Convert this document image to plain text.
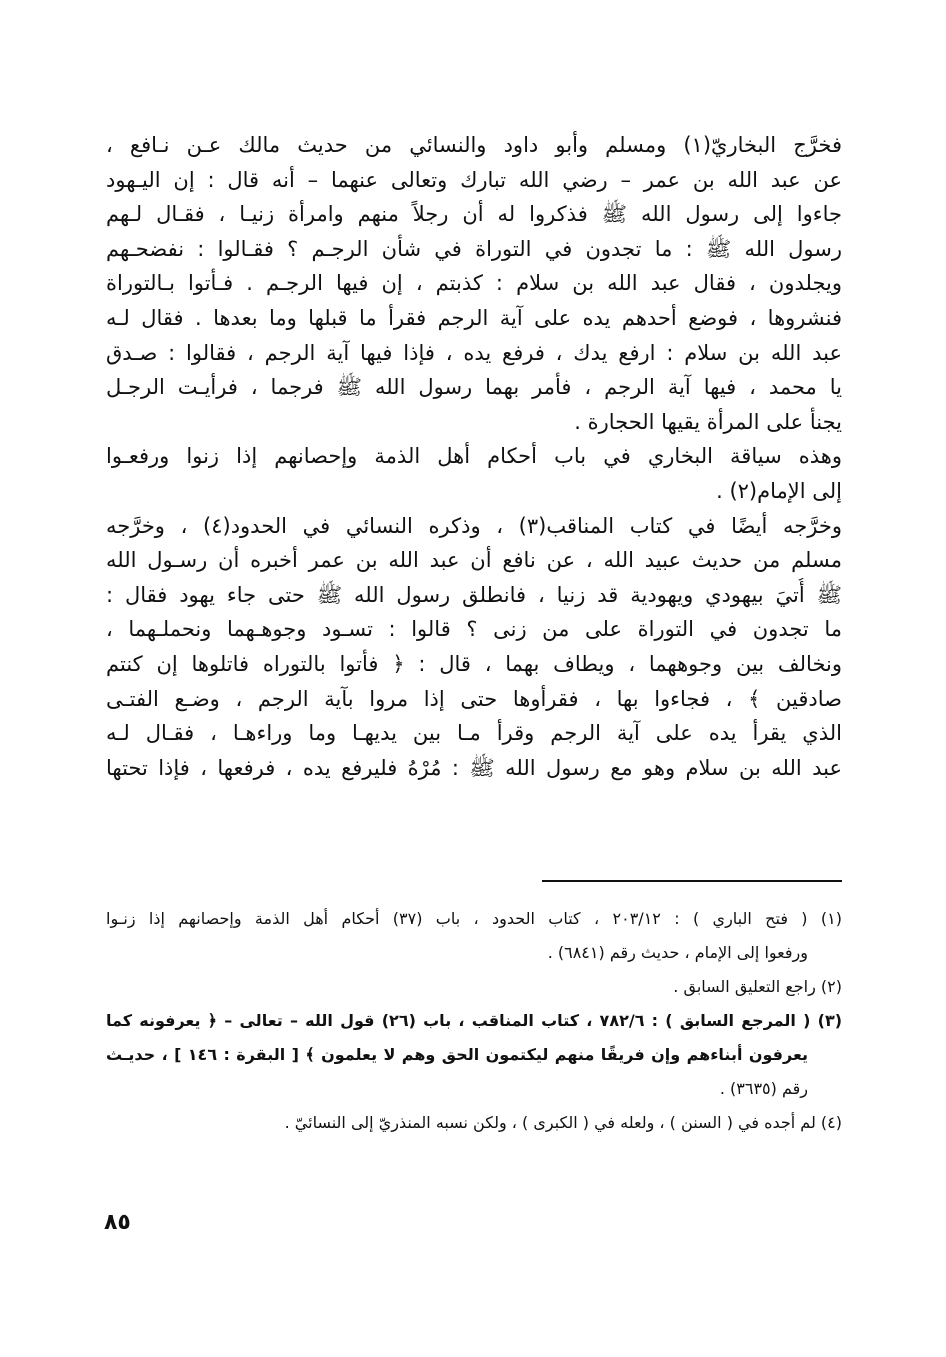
فخرَّج البخاريّ(١) ومسلم وأبو داود والنسائي من حديث مالك عـن نـافع ،
عن عبد الله بن عمر – رضي الله تبارك وتعالى عنهما – أنه قال : إن اليـهود
جاءوا إلى رسول الله ﷺ فذكروا له أن رجلاً منهم وامرأة زنيـا ، فقـال لـهم
رسول الله ﷺ : ما تجدون في التوراة في شأن الرجـم ؟ فقـالوا : نفضحـهم
ويجلدون ، فقال عبد الله بن سلام : كذبتم ، إن فيها الرجـم . فـأتوا بـالتوراة
فنشروها ، فوضع أحدهم يده على آية الرجم فقرأ ما قبلها وما بعدها . فقال لـه
عبد الله بن سلام : ارفع يدك ، فرفع يده ، فإذا فيها آية الرجم ، فقالوا : صـدق
يا محمد ، فيها آية الرجم ، فأمر بهما رسول الله ﷺ فرجما ، فرأيـت الرجـل
يجنأ على المرأة يقيها الحجارة .
وهذه سياقة البخاري في باب أحكام أهل الذمة وإحصانهم إذا زنوا ورفعـوا
إلى الإمام(٢) .
وخرَّجه أيضًا في كتاب المناقب(٣) ، وذكره النسائي في الحدود(٤) ، وخرَّجه
مسلم من حديث عبيد الله ، عن نافع أن عبد الله بن عمر أخبره أن رسـول الله
ﷺ أُتيَ بيهودي ويهودية قد زنيا ، فانطلق رسول الله ﷺ حتى جاء يهود فقال :
ما تجدون في التوراة على من زنى ؟ قالوا : تسـود وجوهـهما ونحملـهما ،
ونخالف بين وجوههما ، ويطاف بهما ، قال : ﴿ فأتوا بالتوراه فاتلوها إن كنتم
صادقين ﴾ ، فجاءوا بها ، فقرأوها حتى إذا مروا بآية الرجم ، وضـع الفتـى
الذي يقرأ يده على آية الرجم وقرأ مـا بين يديهـا وما وراءهـا ، فقـال لـه
عبد الله بن سلام وهو مع رسول الله ﷺ : مُرْهُ فليرفع يده ، فرفعها ، فإذا تحتها
(١) ( فتح الباري ) : ٢٠٣/١٢ ، كتاب الحدود ، باب (٣٧) أحكام أهل الذمة وإحصانهم إذا زنـوا
ورفعوا إلى الإمام ، حديث رقم (٦٨٤١) .
(٢) راجع التعليق السابق .
(٣) ( المرجع السابق ) : ٧٨٢/٦ ، كتاب المناقب ، باب (٢٦) قول الله – تعالى – ﴿ يعرفونه كما
يعرفون أبناءهم وإن فريقًا منهم ليكتمون الحق وهم لا يعلمون ﴾ [ البقرة : ١٤٦ ] ، حديـث
رقم (٣٦٣٥) .
(٤) لم أجده في ( السنن ) ، ولعله في ( الكبرى ) ، ولكن نسبه المنذريّ إلى النسائيّ .
٨٥
